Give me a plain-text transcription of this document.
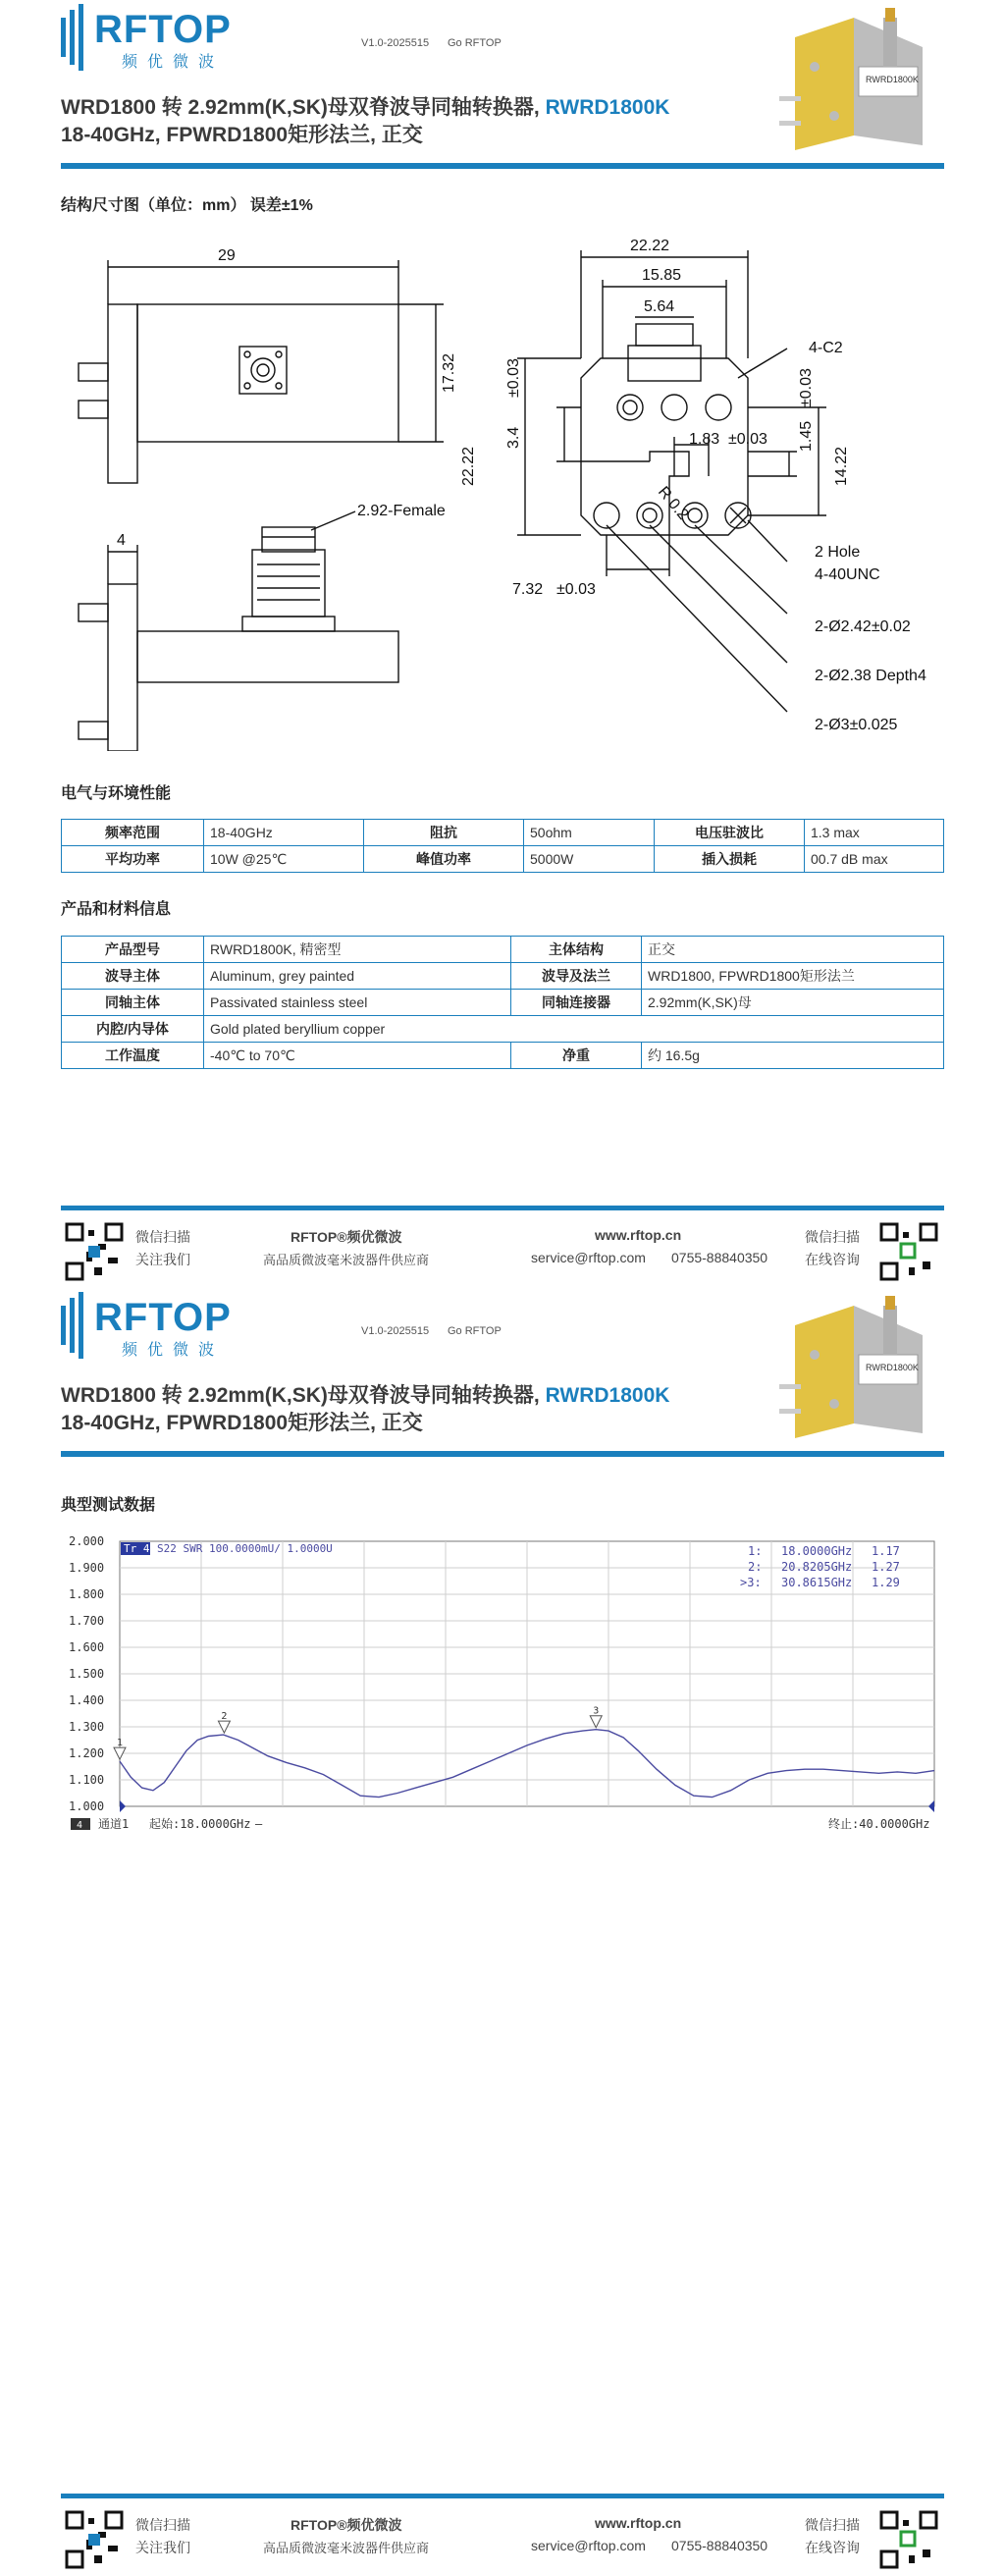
RFTOP
频优微波
V1.0-2025515 Go RFTOP
RWRD1800K
WRD1800 转 2.92mm(K,SK)母双脊波导同轴转换器, RWRD1800K
18-40GHz, FPWRD1800矩形法兰, 正交
结构尺寸图（单位：mm） 误差±1%
29
17.32
4
2.92-Female
22.22
15.85
5.64
4-C2
±0.03
1.45
3.4
±0.03
1.83 ±0.03
14.22
22.22
R 0.2
7.32 ±0.03
2 Hole
4-40UNC
2-Ø2.42±0.02
2-Ø2.38 Depth4
2-Ø3±0.025
电气与环境性能
频率范围	18-40GHz	阻抗	50ohm	电压驻波比	1.3 max
平均功率	10W @25℃	峰值功率	5000W	插入损耗	00.7 dB max
产品和材料信息
产品型号	RWRD1800K, 精密型	主体结构	正交
波导主体	Aluminum, grey painted	波导及法兰	WRD1800, FPWRD1800矩形法兰
同轴主体	Passivated stainless steel	同轴连接器	2.92mm(K,SK)母
内腔/内导体	Gold plated beryllium copper		
工作温度	-40℃ to 70℃	净重	约 16.5g
微信扫描
关注我们
RFTOP®频优微波
高品质微波毫米波器件供应商
www.rftop.cn
service@rftop.com 0755-88840350
微信扫描
在线咨询
RFTOP
频优微波
V1.0-2025515 Go RFTOP
RWRD1800K
WRD1800 转 2.92mm(K,SK)母双脊波导同轴转换器, RWRD1800K
18-40GHz, FPWRD1800矩形法兰, 正交
典型测试数据
2.000
1.900
1.800
1.700
1.600
1.500
1.400
1.300
1.200
1.100
1.000
1
2	3
Tr 4 S22 SWR 100.0000mU/ 1.0000U	1: 18.0000GHz 1.17
2: 20.8205GHz 1.27
>3: 30.8615GHz 1.29
4 通道1 起始:18.0000GHz —	终止:40.0000GHz
微信扫描
关注我们
RFTOP®频优微波
高品质微波毫米波器件供应商
www.rftop.cn
service@rftop.com 0755-88840350
微信扫描
在线咨询
